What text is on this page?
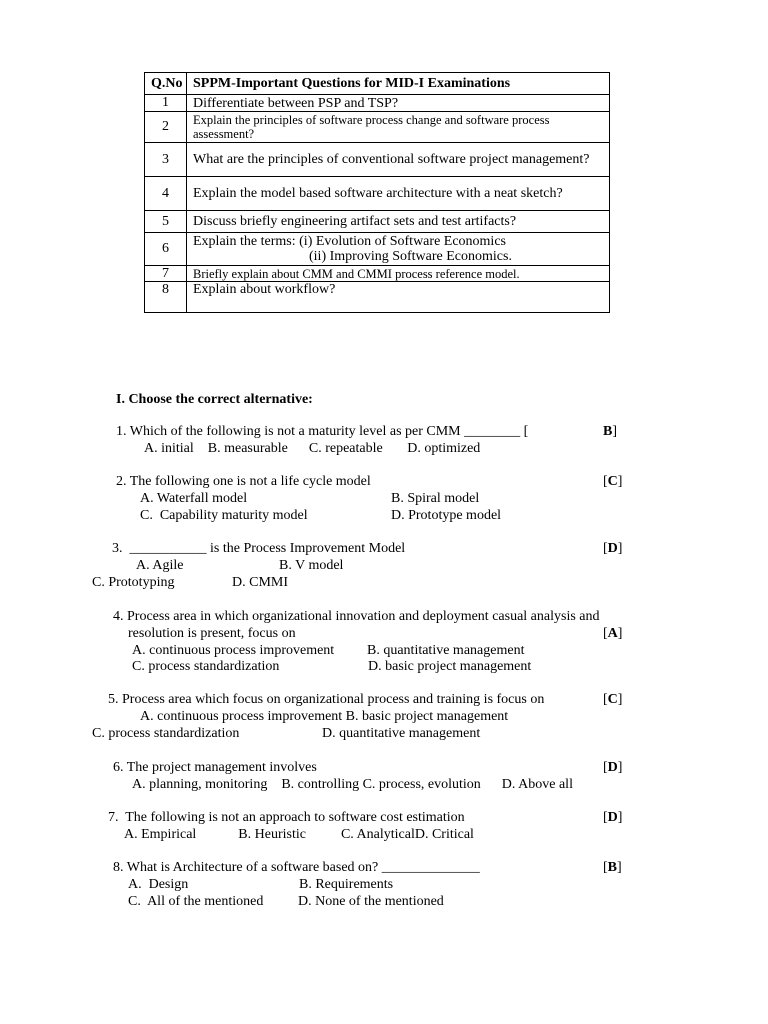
Q.No	SPPM-Important Questions for MID-I Examinations
1	Differentiate between PSP and TSP?
2	Explain the principles of software process change and software process assessment?
3	What are the principles of conventional software project management?
4	Explain the model based software architecture with a neat sketch?
5	Discuss briefly engineering artifact sets and test artifacts?
6	Explain the terms: (i) Evolution of Software Economics
(ii) Improving Software Economics.

7	Briefly explain about CMM and CMMI process reference model.
8	Explain about workflow?
I. Choose the correct alternative:
1. Which of the following is not a maturity level as per CMM ________ [	B]
A. initial    B. measurable      C. repeatable       D. optimized
2. The following one is not a life cycle model	[C]
A. Waterfall model	B. Spiral model
C.  Capability maturity model	D. Prototype model
3.  ___________ is the Process Improvement Model	[D]
A. Agile	B. V model
C. Prototyping	D. CMMI
4. Process area in which organizational innovation and deployment casual analysis and
resolution is present, focus on	[A]
A. continuous process improvement B. quantitative management
C. process standardization	D. basic project management
5. Process area which focus on organizational process and training is focus on	[C]
A. continuous process improvement B. basic project management
C. process standardization	D. quantitative management
6. The project management involves	[D]
A. planning, monitoring    B. controlling C. process, evolution      D. Above all
7.  The following is not an approach to software cost estimation	[D]
A. Empirical            B. Heuristic          C. AnalyticalD. Critical
8. What is Architecture of a software based on? ______________	[B]
A.  Design	B. Requirements
C.  All of the mentioned D. None of the mentioned
